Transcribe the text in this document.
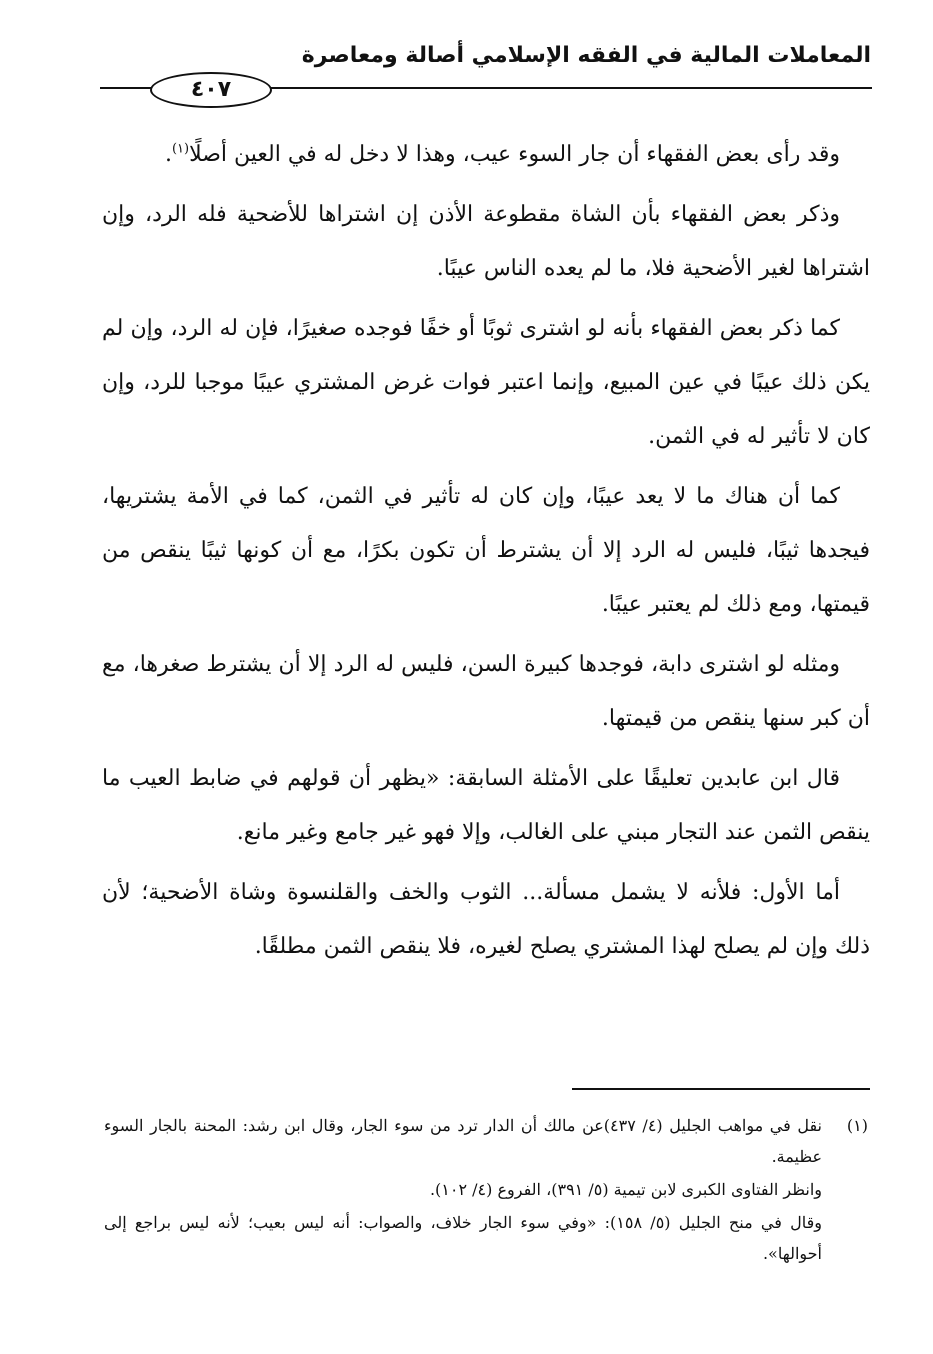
المعاملات المالية في الفقه الإسلامي أصالة ومعاصرة
٤٠٧

وقد رأى بعض الفقهاء أن جار السوء عيب، وهذا لا دخل له في العين أصلًا$^{(١)}$.

وذكر بعض الفقهاء بأن الشاة مقطوعة الأذن إن اشتراها للأضحية فله الرد، وإن اشتراها لغير الأضحية فلا، ما لم يعده الناس عيبًا.

كما ذكر بعض الفقهاء بأنه لو اشترى ثوبًا أو خفًا فوجده صغيرًا، فإن له الرد، وإن لم يكن ذلك عيبًا في عين المبيع، وإنما اعتبر فوات غرض المشتري عيبًا موجبا للرد، وإن كان لا تأثير له في الثمن.

كما أن هناك ما لا يعد عيبًا، وإن كان له تأثير في الثمن، كما في الأمة يشتريها، فيجدها ثيبًا، فليس له الرد إلا أن يشترط أن تكون بكرًا، مع أن كونها ثيبًا ينقص من قيمتها، ومع ذلك لم يعتبر عيبًا.

ومثله لو اشترى دابة، فوجدها كبيرة السن، فليس له الرد إلا أن يشترط صغرها، مع أن كبر سنها ينقص من قيمتها.

قال ابن عابدين تعليقًا على الأمثلة السابقة: «يظهر أن قولهم في ضابط العيب ما ينقص الثمن عند التجار مبني على الغالب، وإلا فهو غير جامع وغير مانع.

أما الأول: فلأنه لا يشمل مسألة... الثوب والخف والقلنسوة وشاة الأضحية؛ لأن ذلك وإن لم يصلح لهذا المشتري يصلح لغيره، فلا ينقص الثمن مطلقًا.

(١)
نقل في مواهب الجليل (٤/ ٤٣٧)عن مالك أن الدار ترد من سوء الجار، وقال ابن رشد: المحنة بالجار السوء عظيمة.
وانظر الفتاوى الكبرى لابن تيمية (٥/ ٣٩١)، الفروع (٤/ ١٠٢).
وقال في منح الجليل (٥/ ١٥٨): «وفي سوء الجار خلاف، والصواب: أنه ليس بعيب؛ لأنه ليس براجع إلى أحوالها».
